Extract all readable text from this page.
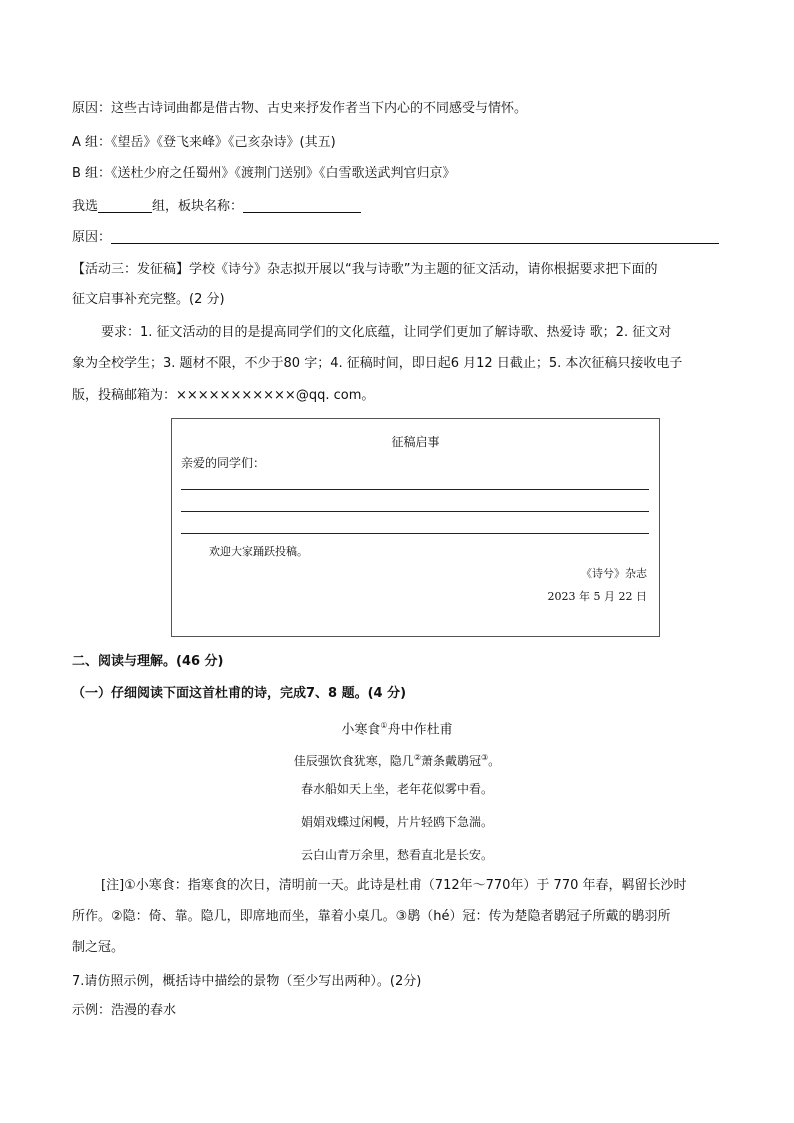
原因：这些古诗词曲都是借古物、古史来抒发作者当下内心的不同感受与情怀。
A 组：《望岳》《登飞来峰》《己亥杂诗》(其五)
B 组：《送杜少府之任蜀州》《渡荆门送别》《白雪歌送武判官归京》
我选	组，板块名称：
原因：
【活动三：发征稿】学校《诗兮》杂志拟开展以“我与诗歌”为主题的征文活动，请你根据要求把下面的
征文启事补充完整。(2 分)
要求：1. 征文活动的目的是提高同学们的文化底蕴，让同学们更加了解诗歌、热爱诗 歌；2. 征文对
象为全校学生；3. 题材不限，不少于80 字；4. 征稿时间，即日起6 月12 日截止；5. 本次征稿只接收电子
版，投稿邮箱为：×××××××××××@qq. com。
征稿启事
亲爱的同学们：
欢迎大家踊跃投稿。
《诗兮》杂志
2023 年 5 月 22 日
二、阅读与理解。(46 分)
（一）仔细阅读下面这首杜甫的诗，完成7、8 题。(4 分)
小寒食①舟中作杜甫
佳辰强饮食犹寒，隐几②萧条戴鹖冠③。
春水船如天上坐，老年花似雾中看。
娟娟戏蝶过闲幔，片片轻鸥下急湍。
云白山青万余里，愁看直北是长安。
[注]①小寒食：指寒食的次日，清明前一天。此诗是杜甫（712年～770年）于 770 年春，羁留长沙时
所作。②隐：倚、靠。隐几，即席地而坐，靠着小桌几。③鹖（hé）冠：传为楚隐者鹖冠子所戴的鹖羽所
制之冠。
7.请仿照示例，概括诗中描绘的景物（至少写出两种）。(2分)
示例：浩漫的春水
